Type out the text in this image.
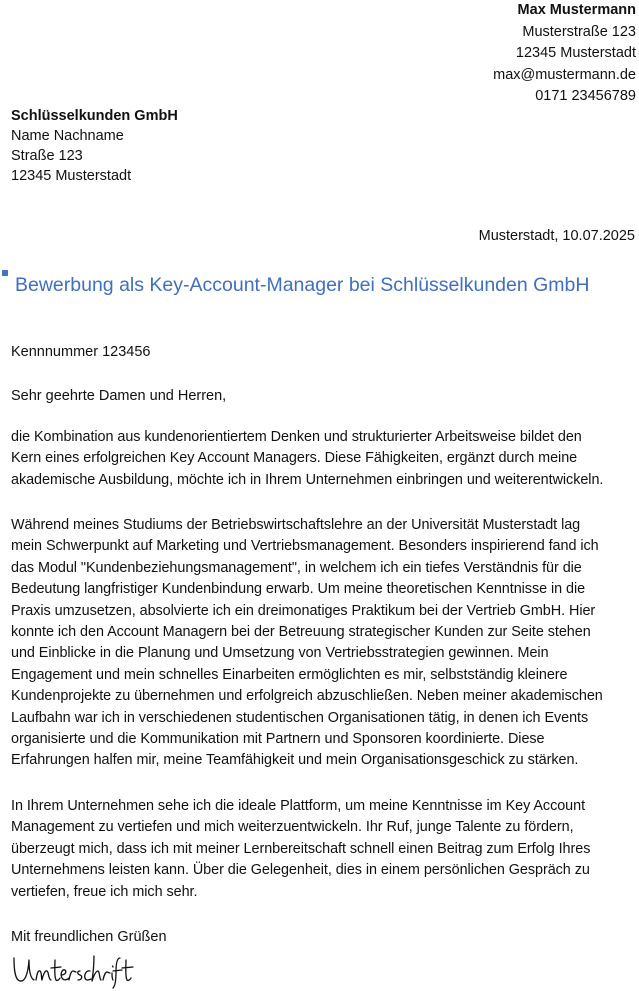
Max Mustermann
Musterstraße 123
12345 Musterstadt
max@mustermann.de
0171 23456789
Schlüsselkunden GmbH
Name Nachname
Straße 123
12345 Musterstadt
Musterstadt, 10.07.2025
Bewerbung als Key-Account-Manager bei Schlüsselkunden GmbH
Kennnummer 123456
Sehr geehrte Damen und Herren,
die Kombination aus kundenorientiertem Denken und strukturierter Arbeitsweise bildet den
Kern eines erfolgreichen Key Account Managers. Diese Fähigkeiten, ergänzt durch meine
akademische Ausbildung, möchte ich in Ihrem Unternehmen einbringen und weiterentwickeln.
Während meines Studiums der Betriebswirtschaftslehre an der Universität Musterstadt lag
mein Schwerpunkt auf Marketing und Vertriebsmanagement. Besonders inspirierend fand ich
das Modul "Kundenbeziehungsmanagement", in welchem ich ein tiefes Verständnis für die
Bedeutung langfristiger Kundenbindung erwarb. Um meine theoretischen Kenntnisse in die
Praxis umzusetzen, absolvierte ich ein dreimonatiges Praktikum bei der Vertrieb GmbH. Hier
konnte ich den Account Managern bei der Betreuung strategischer Kunden zur Seite stehen
und Einblicke in die Planung und Umsetzung von Vertriebsstrategien gewinnen. Mein
Engagement und mein schnelles Einarbeiten ermöglichten es mir, selbstständig kleinere
Kundenprojekte zu übernehmen und erfolgreich abzuschließen. Neben meiner akademischen
Laufbahn war ich in verschiedenen studentischen Organisationen tätig, in denen ich Events
organisierte und die Kommunikation mit Partnern und Sponsoren koordinierte. Diese
Erfahrungen halfen mir, meine Teamfähigkeit und mein Organisationsgeschick zu stärken.
In Ihrem Unternehmen sehe ich die ideale Plattform, um meine Kenntnisse im Key Account
Management zu vertiefen und mich weiterzuentwickeln. Ihr Ruf, junge Talente zu fördern,
überzeugt mich, dass ich mit meiner Lernbereitschaft schnell einen Beitrag zum Erfolg Ihres
Unternehmens leisten kann. Über die Gelegenheit, dies in einem persönlichen Gespräch zu
vertiefen, freue ich mich sehr.
Mit freundlichen Grüßen
